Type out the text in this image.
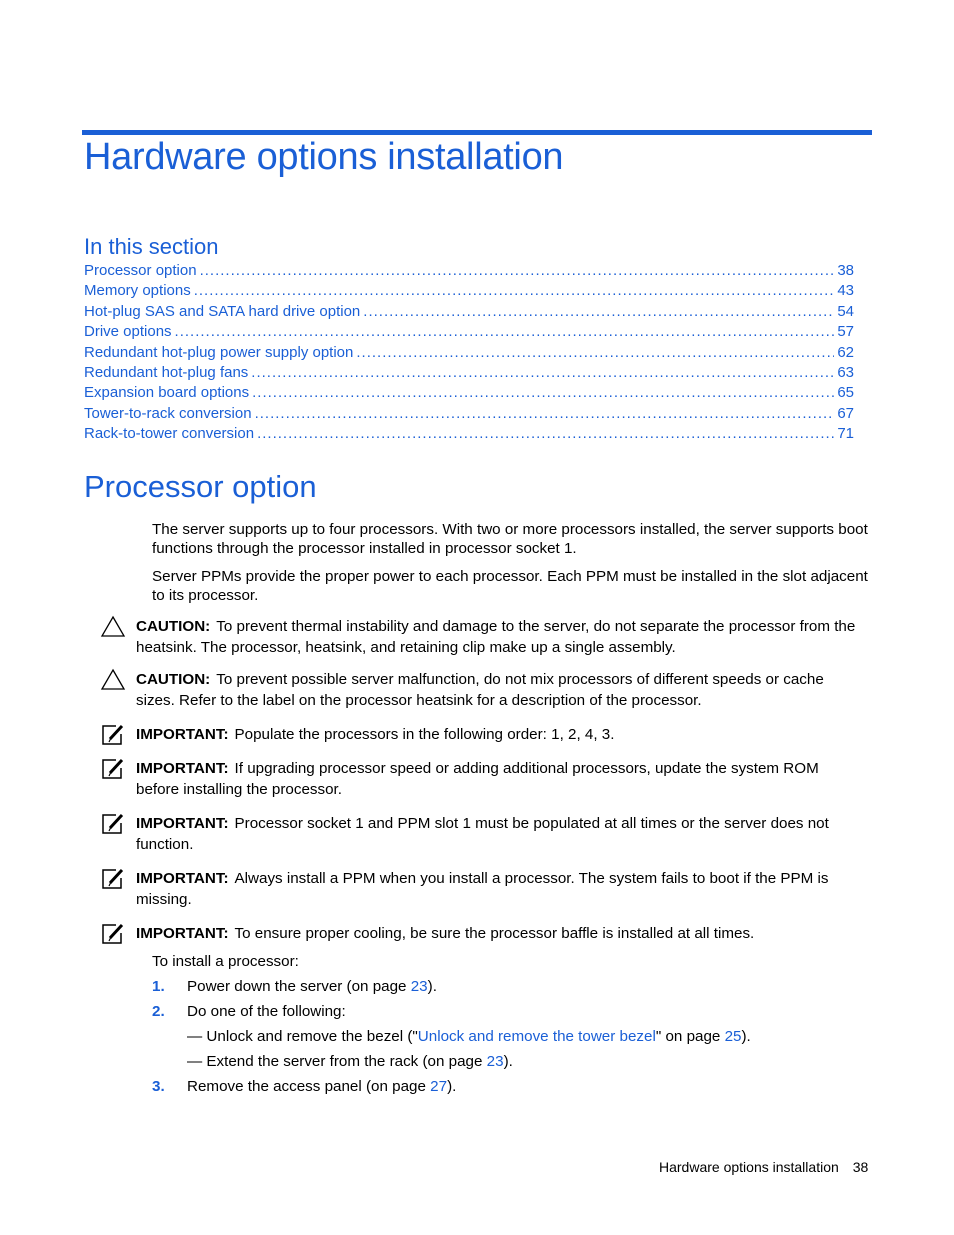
Hardware options installation
In this section
Processor option .....	38
Memory options .....	43
Hot-plug SAS and SATA hard drive option .....	54
Drive options .....	57
Redundant hot-plug power supply option .....	62
Redundant hot-plug fans .....	63
Expansion board options .....	65
Tower-to-rack conversion .....	67
Rack-to-tower conversion .....	71
Processor option

The server supports up to four processors. With two or more processors installed, the server supports boot functions through the processor installed in processor socket 1.

Server PPMs provide the proper power to each processor. Each PPM must be installed in the slot adjacent to its processor.

CAUTION: To prevent thermal instability and damage to the server, do not separate the processor from the
heatsink. The processor, heatsink, and retaining clip make up a single assembly.
CAUTION: To prevent possible server malfunction, do not mix processors of different speeds or cache
sizes. Refer to the label on the processor heatsink for a description of the processor.
IMPORTANT: Populate the processors in the following order: 1, 2, 4, 3.
IMPORTANT: If upgrading processor speed or adding additional processors, update the system ROM
before installing the processor.
IMPORTANT: Processor socket 1 and PPM slot 1 must be populated at all times or the server does not
function.
IMPORTANT: Always install a PPM when you install a processor. The system fails to boot if the PPM is
missing.
IMPORTANT: To ensure proper cooling, be sure the processor baffle is installed at all times.
To install a processor:
1. Power down the server (on page 23).
2. Do one of the following:
— Unlock and remove the bezel ("Unlock and remove the tower bezel" on page 25).
— Extend the server from the rack (on page 23).
3. Remove the access panel (on page 27).
Hardware options installation 38
